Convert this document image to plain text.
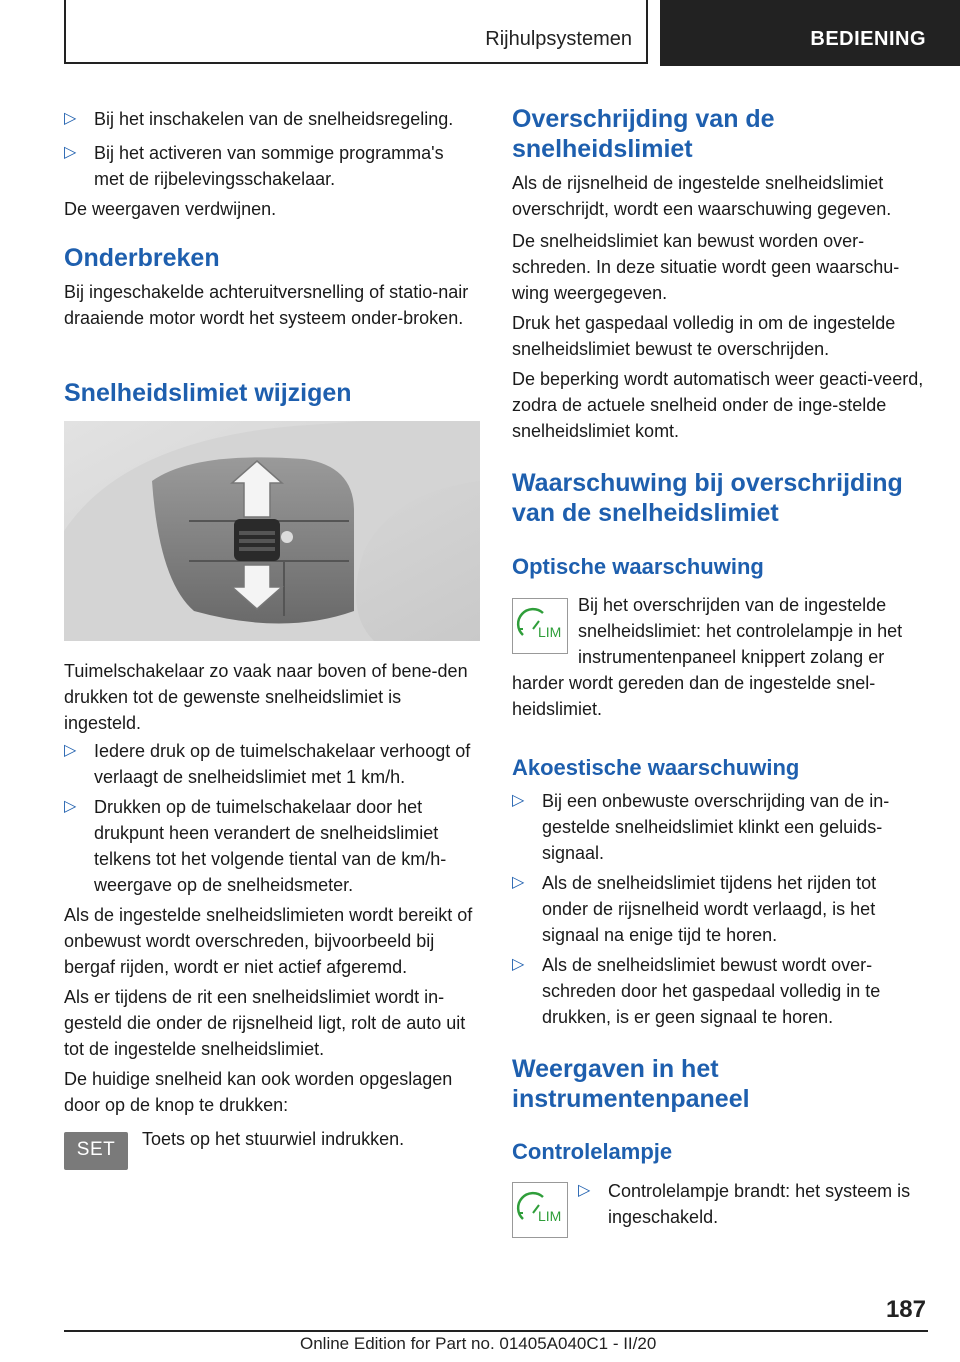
Rijhulpsystemen	BEDIENING
▷ Bij het inschakelen van de snelheidsregeling.
▷ Bij het activeren van sommige programma's met de rijbelevingsschakelaar.

De weergaven verdwijnen.

Onderbreken

Bij ingeschakelde achteruitversnelling of statio-nair draaiende motor wordt het systeem onder-broken.

Snelheidslimiet wijzigen

Tuimelschakelaar zo vaak naar boven of bene-den drukken tot de gewenste snelheidslimiet is ingesteld.

▷ Iedere druk op de tuimelschakelaar verhoogt of verlaagt de snelheidslimiet met 1 km/h.
▷ Drukken op de tuimelschakelaar door het drukpunt heen verandert de snelheidslimiet telkens tot het volgende tiental van de km/h-weergave op de snelheidsmeter.

Als de ingestelde snelheidslimieten wordt bereikt of onbewust wordt overschreden, bijvoorbeeld bij bergaf rijden, wordt er niet actief afgeremd.

Als er tijdens de rit een snelheidslimiet wordt in-gesteld die onder de rijsnelheid ligt, rolt de auto uit tot de ingestelde snelheidslimiet.

De huidige snelheid kan ook worden opgeslagen door op de knop te drukken:

SET	Toets op het stuurwiel indrukken.

Overschrijding van de snelheidslimiet

Als de rijsnelheid de ingestelde snelheidslimiet overschrijdt, wordt een waarschuwing gegeven.

De snelheidslimiet kan bewust worden over-schreden. In deze situatie wordt geen waarschu-wing weergegeven.

Druk het gaspedaal volledig in om de ingestelde snelheidslimiet bewust te overschrijden.

De beperking wordt automatisch weer geacti-veerd, zodra de actuele snelheid onder de inge-stelde snelheidslimiet komt.

Waarschuwing bij overschrijding van de snelheidslimiet
Optische waarschuwing
LIM

Bij het overschrijden van de ingestelde snelheidslimiet: het controlelampje in het instrumentenpaneel knippert zolang er harder wordt gereden dan de ingestelde snel-heidslimiet.
Akoestische waarschuwing
▷ Bij een onbewuste overschrijding van de in-gestelde snelheidslimiet klinkt een geluids-signaal.
▷ Als de snelheidslimiet tijdens het rijden tot onder de rijsnelheid wordt verlaagd, is het signaal na enige tijd te horen.
▷ Als de snelheidslimiet bewust wordt over-schreden door het gaspedaal volledig in te drukken, is er geen signaal te horen.
Weergaven in het instrumentenpaneel
Controlelampje
LIM
▷ Controlelampje brandt: het systeem is ingeschakeld.
187
Online Edition for Part no. 01405A040C1 - II/20
